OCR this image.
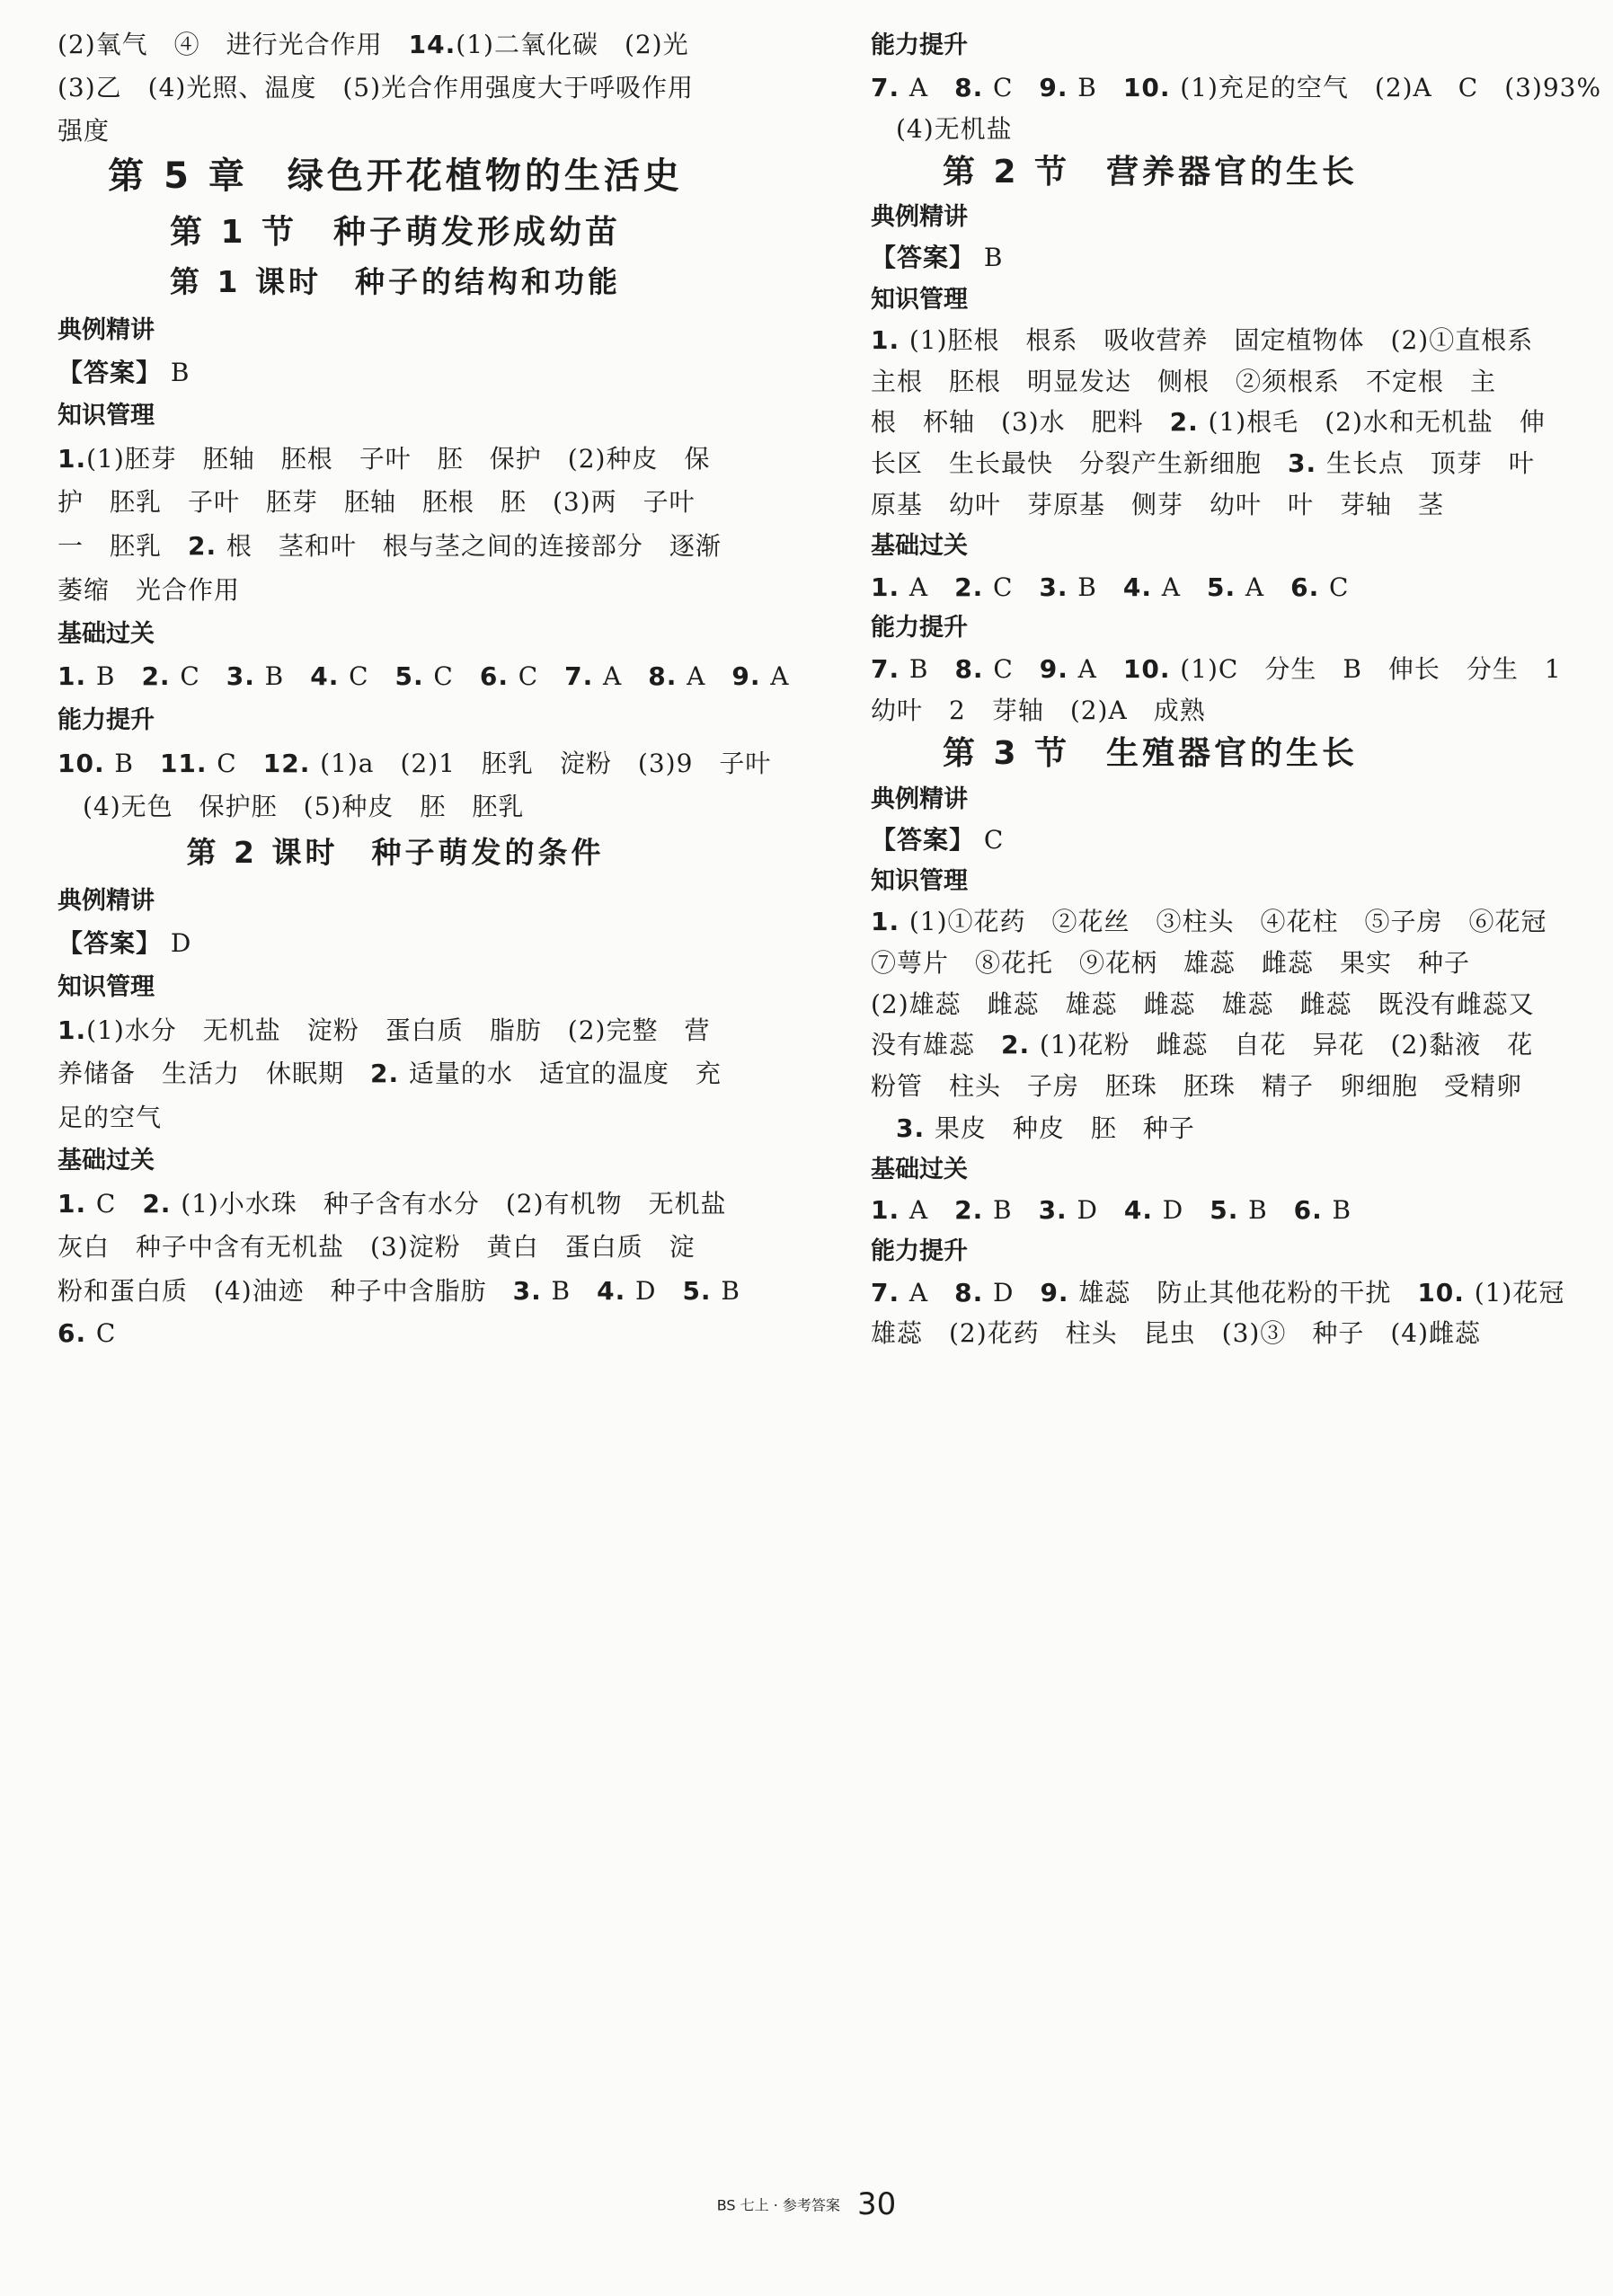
(2)氧气　④　进行光合作用　14.(1)二氧化碳　(2)光
(3)乙　(4)光照、温度　(5)光合作用强度大于呼吸作用
强度
第 5 章　绿色开花植物的生活史
第 1 节　种子萌发形成幼苗
第 1 课时　种子的结构和功能
典例精讲
【答案】 B
知识管理
1.(1)胚芽　胚轴　胚根　子叶　胚　保护　(2)种皮　保
护　胚乳　子叶　胚芽　胚轴　胚根　胚　(3)两　子叶
一　胚乳　2. 根　茎和叶　根与茎之间的连接部分　逐渐
萎缩　光合作用
基础过关
1. B　2. C　3. B　4. C　5. C　6. C　7. A　8. A　9. A
能力提升
10. B　11. C　12. (1)a　(2)1　胚乳　淀粉　(3)9　子叶
(4)无色　保护胚　(5)种皮　胚　胚乳
第 2 课时　种子萌发的条件
典例精讲
【答案】 D
知识管理
1.(1)水分　无机盐　淀粉　蛋白质　脂肪　(2)完整　营
养储备　生活力　休眠期　2. 适量的水　适宜的温度　充
足的空气
基础过关
1. C　2. (1)小水珠　种子含有水分　(2)有机物　无机盐
灰白　种子中含有无机盐　(3)淀粉　黄白　蛋白质　淀
粉和蛋白质　(4)油迹　种子中含脂肪　3. B　4. D　5. B
6. C
能力提升
7. A　8. C　9. B　10. (1)充足的空气　(2)A　C　(3)93%
(4)无机盐
第 2 节　营养器官的生长
典例精讲
【答案】 B
知识管理
1. (1)胚根　根系　吸收营养　固定植物体　(2)①直根系
主根　胚根　明显发达　侧根　②须根系　不定根　主
根　杯轴　(3)水　肥料　2. (1)根毛　(2)水和无机盐　伸
长区　生长最快　分裂产生新细胞　3. 生长点　顶芽　叶
原基　幼叶　芽原基　侧芽　幼叶　叶　芽轴　茎
基础过关
1. A　2. C　3. B　4. A　5. A　6. C
能力提升
7. B　8. C　9. A　10. (1)C　分生　B　伸长　分生　1
幼叶　2　芽轴　(2)A　成熟
第 3 节　生殖器官的生长
典例精讲
【答案】 C
知识管理
1. (1)①花药　②花丝　③柱头　④花柱　⑤子房　⑥花冠
⑦萼片　⑧花托　⑨花柄　雄蕊　雌蕊　果实　种子
(2)雄蕊　雌蕊　雄蕊　雌蕊　雄蕊　雌蕊　既没有雌蕊又
没有雄蕊　2. (1)花粉　雌蕊　自花　异花　(2)黏液　花
粉管　柱头　子房　胚珠　胚珠　精子　卵细胞　受精卵
3. 果皮　种皮　胚　种子
基础过关
1. A　2. B　3. D　4. D　5. B　6. B
能力提升
7. A　8. D　9. 雄蕊　防止其他花粉的干扰　10. (1)花冠
雄蕊　(2)花药　柱头　昆虫　(3)③　种子　(4)雌蕊
BS 七上 · 参考答案 30
